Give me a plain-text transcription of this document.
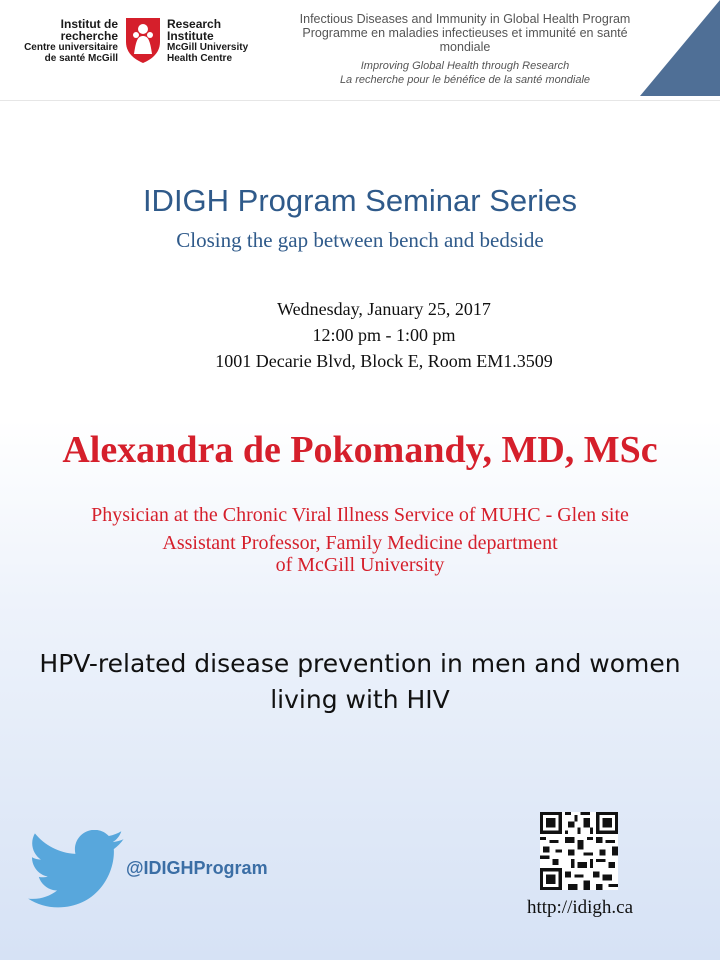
Institut de
recherche
Centre universitaire
de santé McGill
Research
Institute
McGill University
Health Centre
Infectious Diseases and Immunity in Global Health Program
Programme en maladies infectieuses et immunité en santé mondiale
Improving Global Health through Research
La recherche pour le bénéfice de la santé mondiale
IDIGH Program Seminar Series
Closing the gap between bench and bedside
Wednesday, January 25, 2017
12:00 pm - 1:00 pm
1001 Decarie Blvd, Block E, Room EM1.3509
Alexandra de Pokomandy, MD, MSc
Physician at the Chronic Viral Illness Service of MUHC - Glen site
Assistant Professor, Family Medicine department of McGill University
HPV-related disease prevention in men and women living with HIV
@IDIGHProgram
http://idigh.ca
